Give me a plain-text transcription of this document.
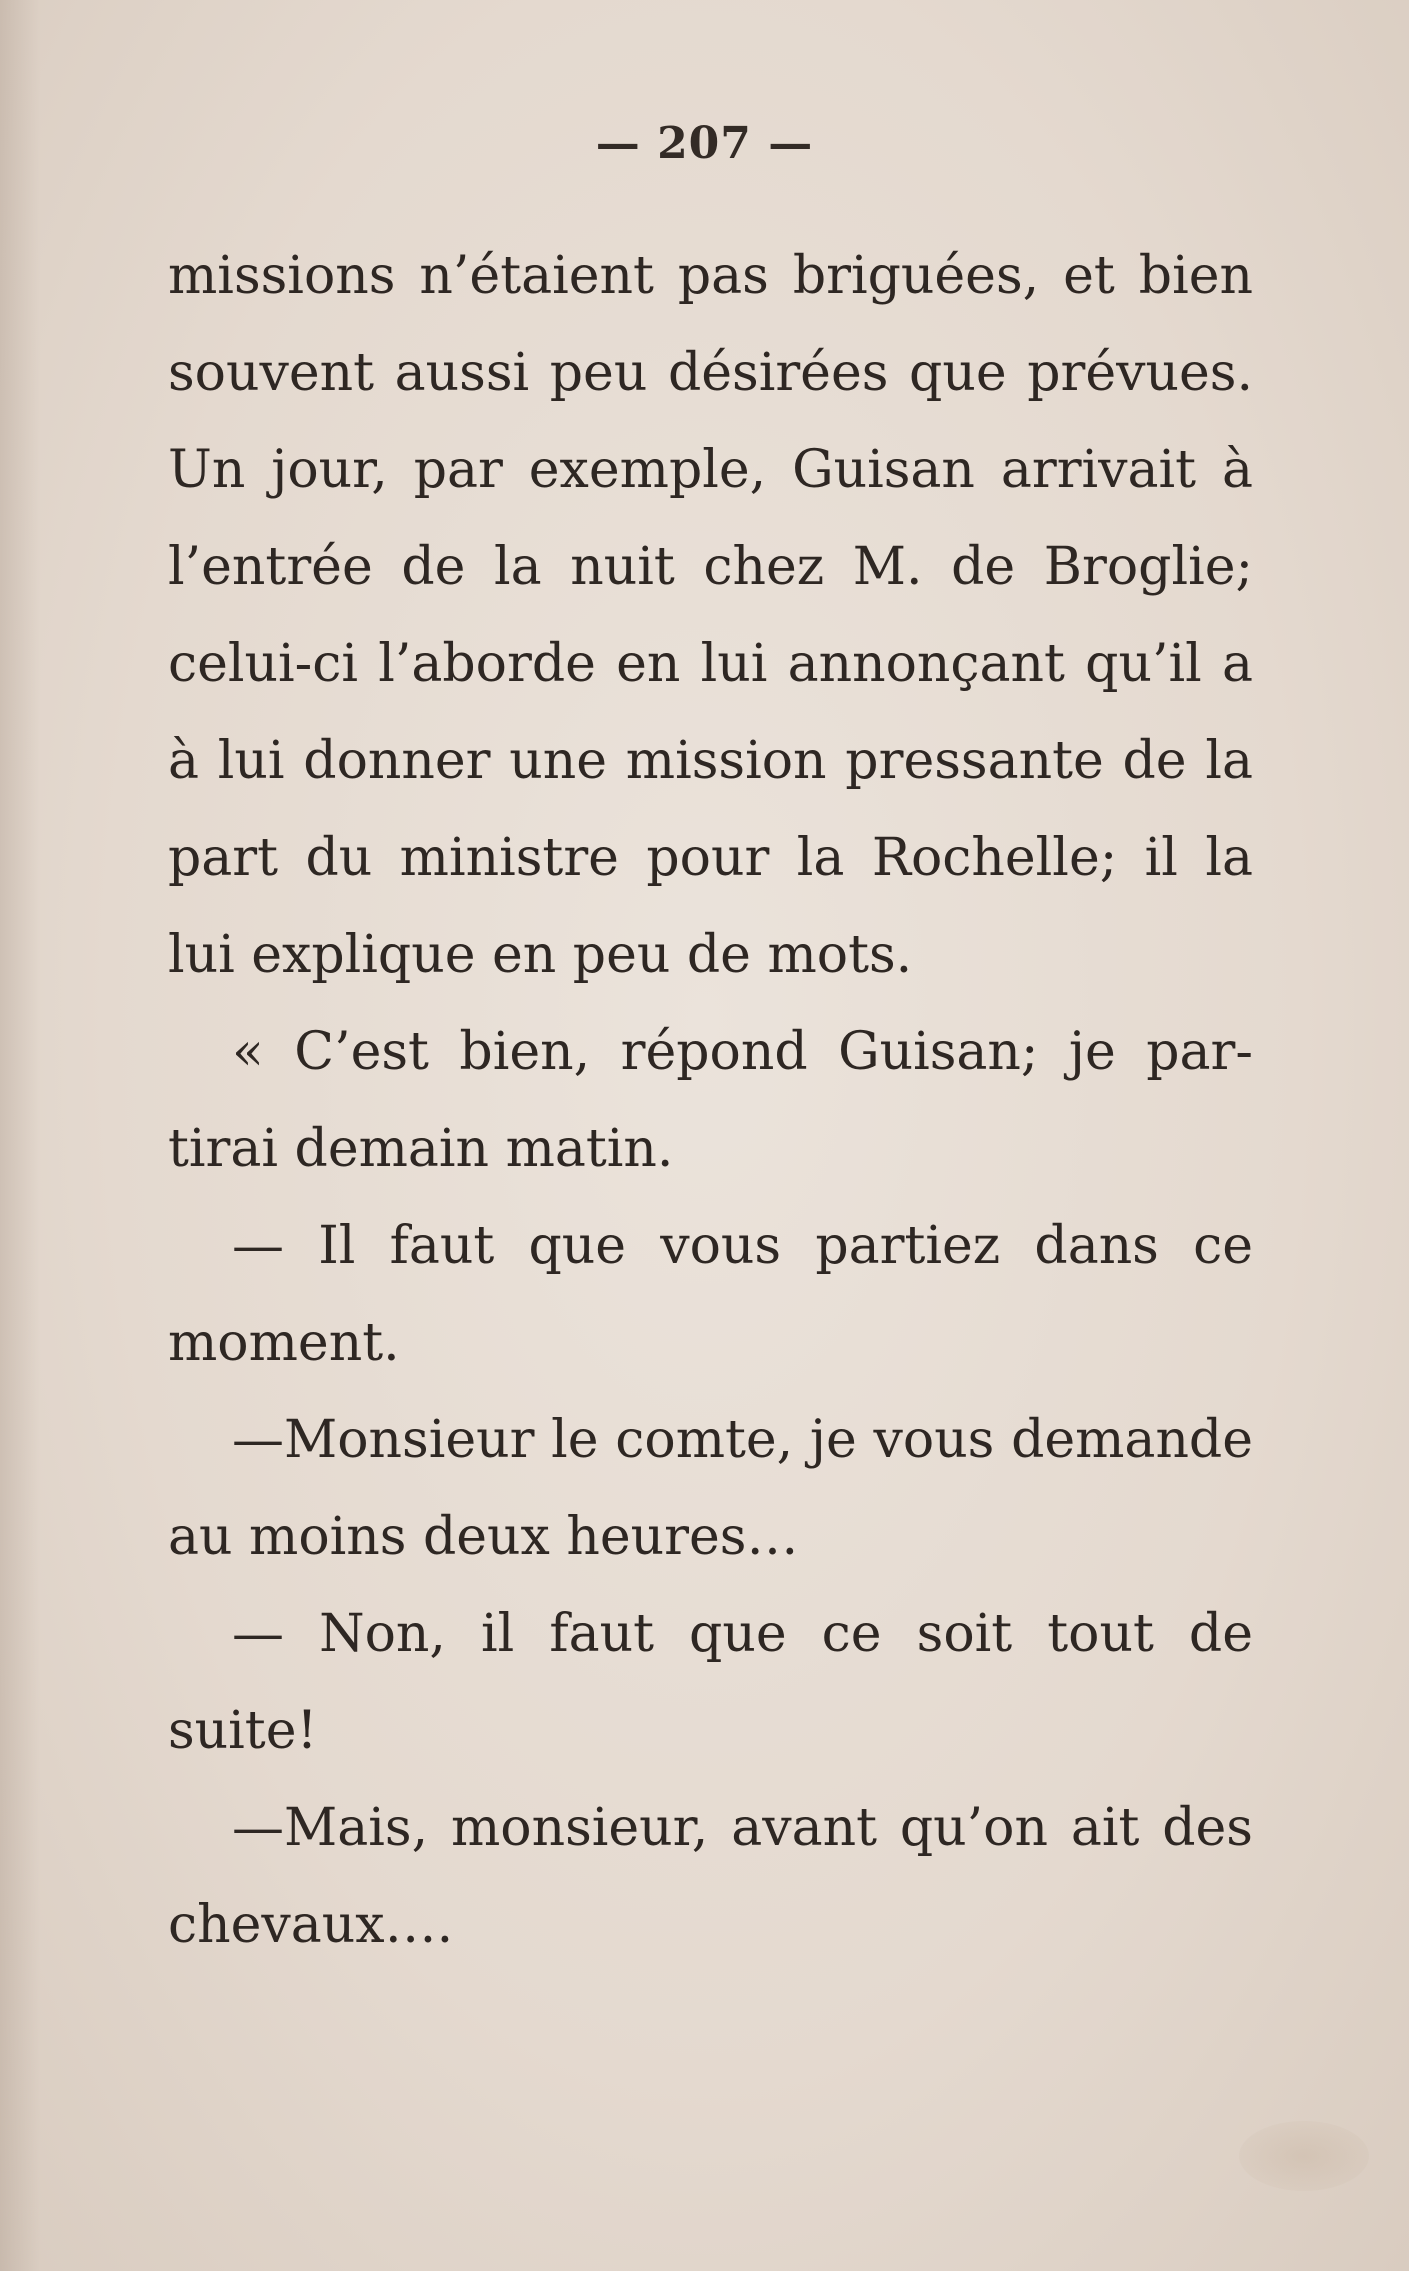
— 207 —
missions n’étaient pas briguées, et bien
souvent aussi peu désirées que prévues.
Un jour, par exemple, Guisan arrivait à
l’entrée de la nuit chez M. de Broglie;
celui-ci l’aborde en lui annonçant qu’il a
à lui donner une mission pressante de la
part du ministre pour la Rochelle; il la
lui explique en peu de mots.
« C’est bien, répond Guisan; je par-
tirai demain matin.
— Il faut que vous partiez dans ce
moment.
—Monsieur le comte, je vous demande
au moins deux heures…
— Non, il faut que ce soit tout de
suite!
—Mais, monsieur, avant qu’on ait des
chevaux….
